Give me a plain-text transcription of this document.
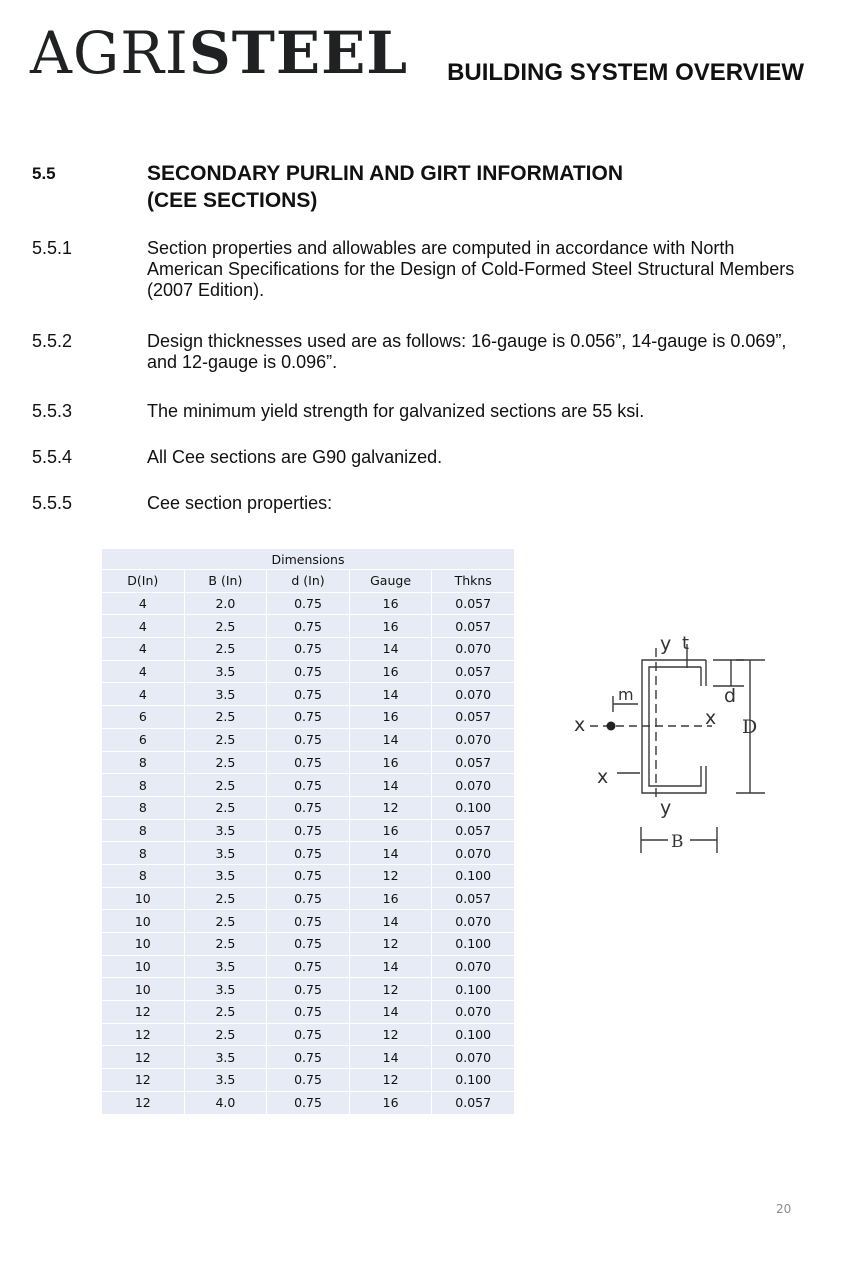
AGRISTEEL BUILDING SYSTEM OVERVIEW
5.5	SECONDARY PURLIN AND GIRT INFORMATION
(CEE SECTIONS)
5.5.1	Section properties and allowables are computed in accordance with North American Specifications for the Design of Cold-Formed Steel Structural Members (2007 Edition).
5.5.2	Design thicknesses used are as follows: 16-gauge is 0.056”, 14-gauge is 0.069”, and 12-gauge is 0.096”.
5.5.3	The minimum yield strength for galvanized sections are 55 ksi.
5.5.4	All Cee sections are G90 galvanized.
5.5.5	Cee section properties:
Dimensions				
D(In)	B (In)	d (In)	Gauge	Thkns
4	2.0	0.75	16	0.057
4	2.5	0.75	16	0.057
4	2.5	0.75	14	0.070
4	3.5	0.75	16	0.057
4	3.5	0.75	14	0.070
6	2.5	0.75	16	0.057
6	2.5	0.75	14	0.070
8	2.5	0.75	16	0.057
8	2.5	0.75	14	0.070
8	2.5	0.75	12	0.100
8	3.5	0.75	16	0.057
8	3.5	0.75	14	0.070
8	3.5	0.75	12	0.100
10	2.5	0.75	16	0.057
10	2.5	0.75	14	0.070
10	2.5	0.75	12	0.100
10	3.5	0.75	14	0.070
10	3.5	0.75	12	0.100
12	2.5	0.75	14	0.070
12	2.5	0.75	12	0.100
12	3.5	0.75	14	0.070
12	3.5	0.75	12	0.100
12	4.0	0.75	16	0.057
y t
m
x	x
x
y
d
D
B
20
